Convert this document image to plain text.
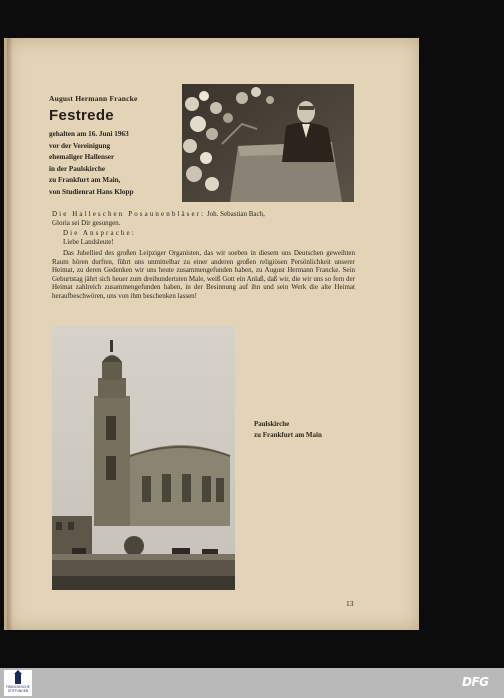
August Hermann Francke
Festrede
gehalten am 16. Juni 1963
vor der Vereinigung
ehemaliger Hallenser
in der Paulskirche
zu Frankfurt am Main,
von Studienrat Hans Klopp
Die Halleschen Posaunenbläser: Joh. Sebastian Bach,
Gloria sei Dir gesungen.
Die Ansprache:
Liebe Landsleute!
Das Jubellied des großen Leipziger Organisten, das wir soeben in diesem uns Deutschen geweihten Raum hören durften, führt uns unmittelbar zu einer anderen großen religiösen Persönlichkeit unserer Heimat, zu deren Gedenken wir uns heute zusammengefunden haben, zu August Hermann Francke. Sein Geburtstag jährt sich heuer zum dreihundertsten Male, weiß Gott ein Anlaß, daß wir, die wir uns so fern der Heimat zahlreich zusammengefunden haben, in der Besinnung auf ihn und sein Werk die alte Heimat heraufbeschwören, uns von ihm beschenken lassen!
Paulskirche
zu Frankfurt am Main
13
FRANCKESCHE STIFTUNGEN
DFG
